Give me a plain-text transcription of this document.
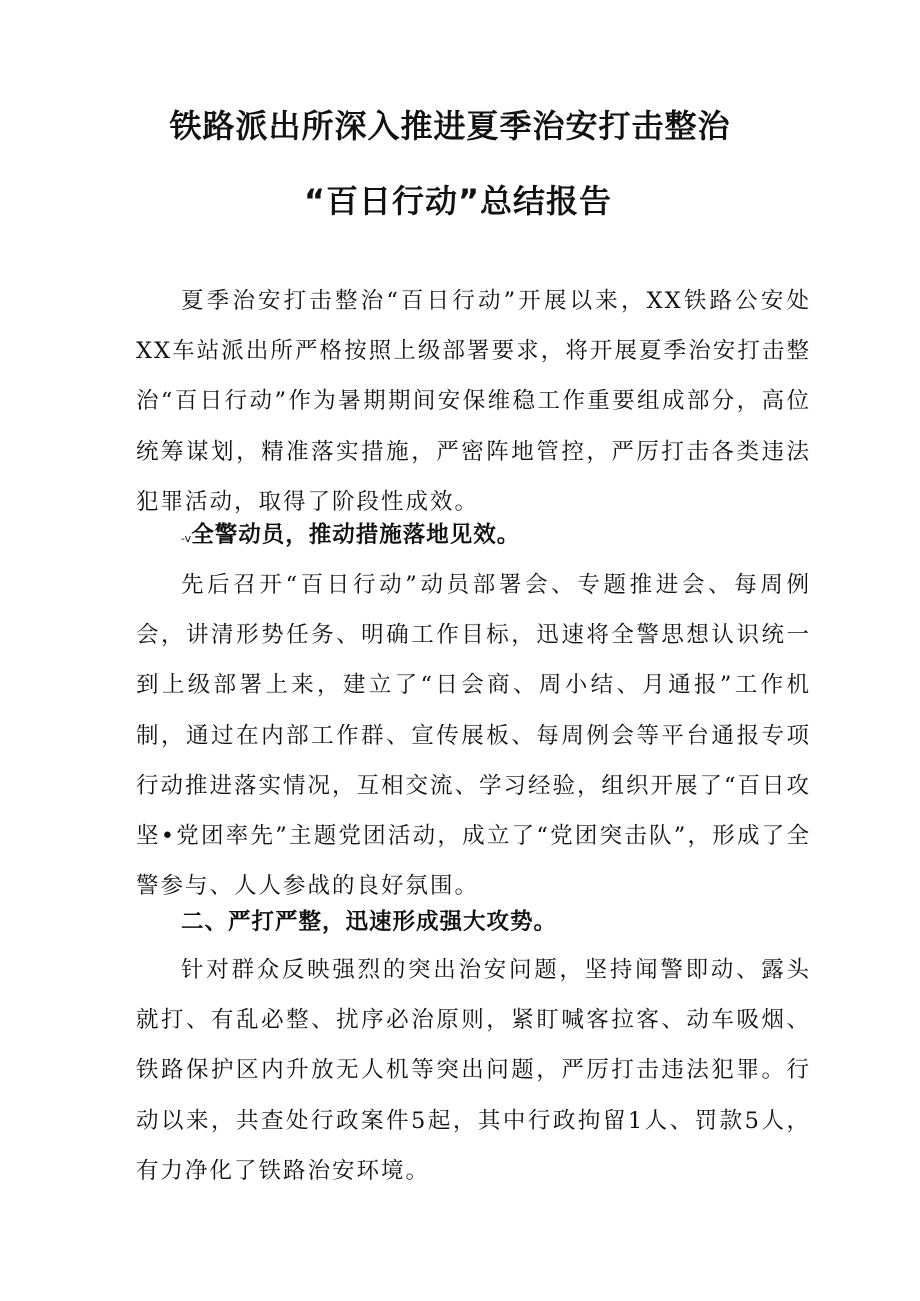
铁路派出所深入推进夏季治安打击整治
“百日行动”总结报告

夏季治安打击整治“百日行动”开展以来，XX铁路公安处XX车站派出所严格按照上级部署要求，将开展夏季治安打击整治“百日行动”作为暑期期间安保维稳工作重要组成部分，高位统筹谋划，精准落实措施，严密阵地管控，严厉打击各类违法犯罪活动，取得了阶段性成效。

-v全警动员，推动措施落地见效。

先后召开“百日行动”动员部署会、专题推进会、每周例会，讲清形势任务、明确工作目标，迅速将全警思想认识统一到上级部署上来，建立了“日会商、周小结、月通报”工作机制，通过在内部工作群、宣传展板、每周例会等平台通报专项行动推进落实情况，互相交流、学习经验，组织开展了“百日攻坚•党团率先”主题党团活动，成立了“党团突击队”，形成了全警参与、人人参战的良好氛围。

二、严打严整，迅速形成强大攻势。

针对群众反映强烈的突出治安问题，坚持闻警即动、露头就打、有乱必整、扰序必治原则，紧盯喊客拉客、动车吸烟、铁路保护区内升放无人机等突出问题，严厉打击违法犯罪。行动以来，共查处行政案件5起，其中行政拘留1人、罚款5人，有力净化了铁路治安环境。
